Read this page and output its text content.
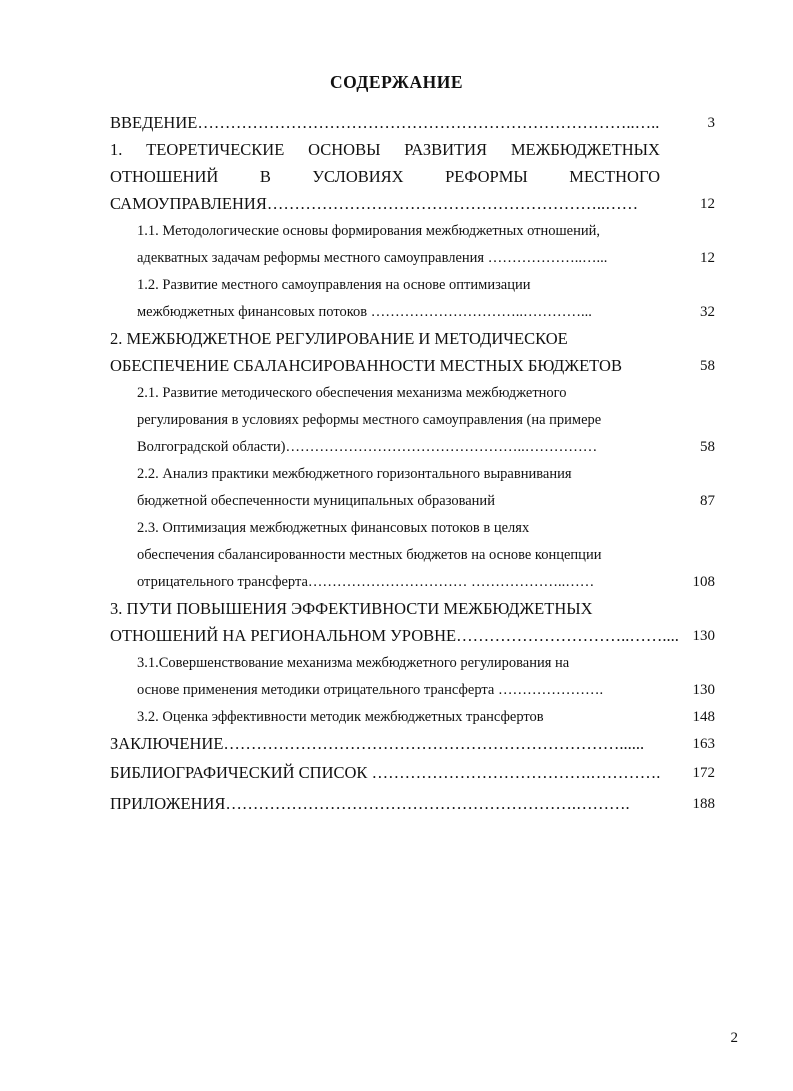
СОДЕРЖАНИЕ
ВВЕДЕНИЕ……………………………………………………………………..…..	3
1. ТЕОРЕТИЧЕСКИЕ ОСНОВЫ РАЗВИТИЯ МЕЖБЮДЖЕТНЫХ
ОТНОШЕНИЙ	В	УСЛОВИЯХ	РЕФОРМЫ	МЕСТНОГО
САМОУПРАВЛЕНИЯ……………………………………………………..……	12
1.1. Методологические основы формирования межбюджетных отношений,
адекватных задачам реформы местного самоуправления ………………..…...	12
1.2. Развитие местного самоуправления на основе оптимизации
межбюджетных финансовых потоков …………………………..…………...	32
2. МЕЖБЮДЖЕТНОЕ РЕГУЛИРОВАНИЕ И МЕТОДИЧЕСКОЕ
ОБЕСПЕЧЕНИЕ СБАЛАНСИРОВАННОСТИ МЕСТНЫХ БЮДЖЕТОВ	58
2.1. Развитие методического обеспечения механизма межбюджетного
регулирования в условиях реформы местного самоуправления (на примере
Волгоградской области)…………………………………………..……………	58
2.2. Анализ практики межбюджетного горизонтального выравнивания
бюджетной обеспеченности муниципальных образований	87
2.3. Оптимизация межбюджетных финансовых потоков в целях
обеспечения сбалансированности местных бюджетов на основе концепции
отрицательного трансферта…………………………… ………………..……	108
3. ПУТИ ПОВЫШЕНИЯ ЭФФЕКТИВНОСТИ МЕЖБЮДЖЕТНЫХ
ОТНОШЕНИЙ НА РЕГИОНАЛЬНОМ УРОВНЕ…………………………..…….... 130
3.1.Совершенствование механизма межбюджетного регулирования на
основе применения методики отрицательного трансферта ………………….	130
3.2. Оценка эффективности методик межбюджетных трансфертов	148
ЗАКЛЮЧЕНИЕ………………………………………………………………......	163
БИБЛИОГРАФИЧЕСКИЙ СПИСОК ………………………………….………….	172
ПРИЛОЖЕНИЯ……………………………………………………….……….	188
2
